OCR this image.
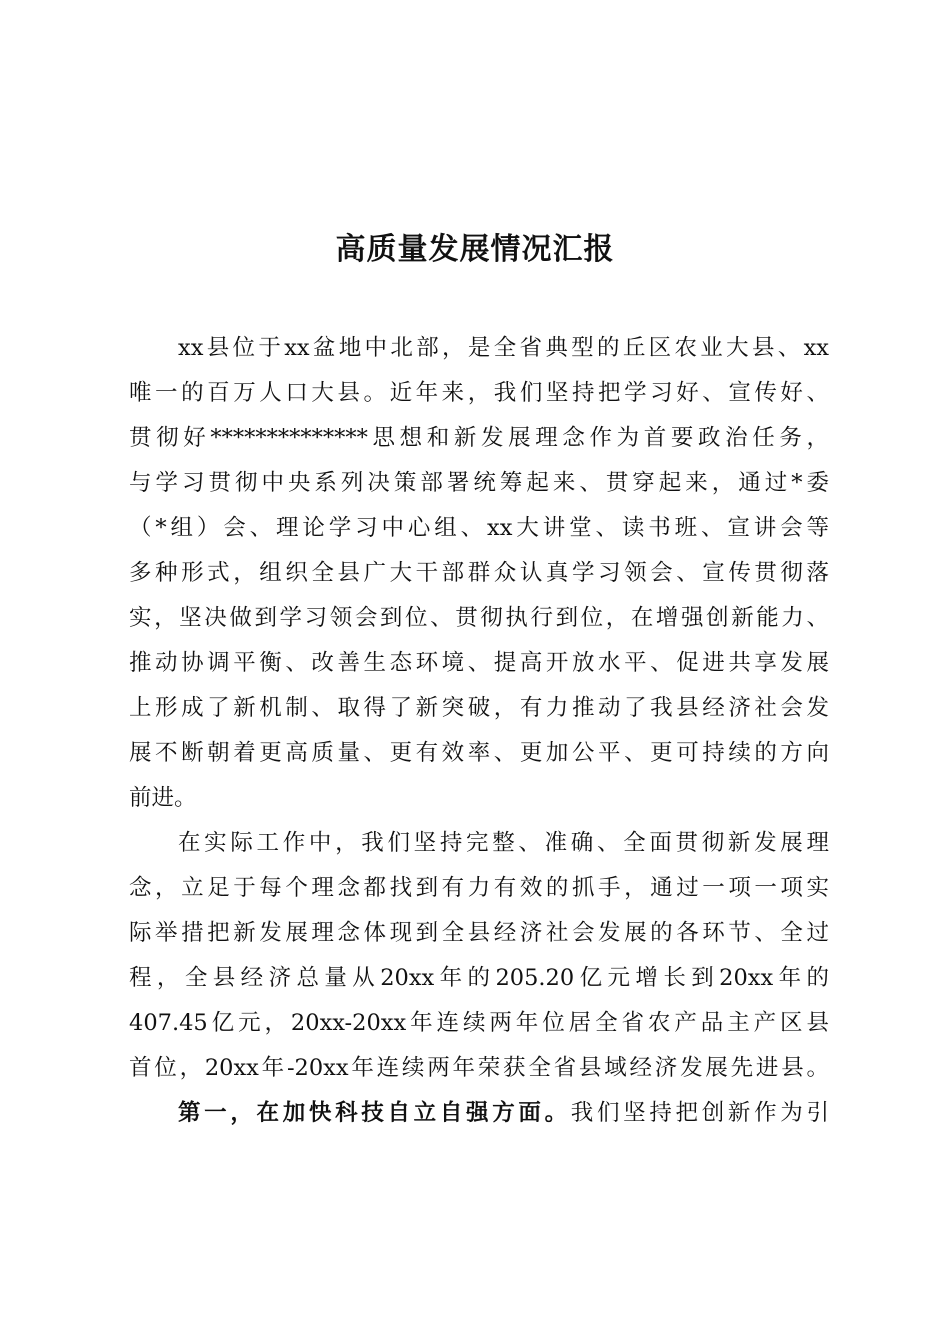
高质量发展情况汇报
xx县位于xx盆地中北部，是全省典型的丘区农业大县、xx
唯一的百万人口大县。近年来，我们坚持把学习好、宣传好、
贯彻好**************思想和新发展理念作为首要政治任务，
与学习贯彻中央系列决策部署统筹起来、贯穿起来，通过*委
（*组）会、理论学习中心组、xx大讲堂、读书班、宣讲会等
多种形式，组织全县广大干部群众认真学习领会、宣传贯彻落
实，坚决做到学习领会到位、贯彻执行到位，在增强创新能力、
推动协调平衡、改善生态环境、提高开放水平、促进共享发展
上形成了新机制、取得了新突破，有力推动了我县经济社会发
展不断朝着更高质量、更有效率、更加公平、更可持续的方向
前进。
在实际工作中，我们坚持完整、准确、全面贯彻新发展理
念，立足于每个理念都找到有力有效的抓手，通过一项一项实
际举措把新发展理念体现到全县经济社会发展的各环节、全过
程，全县经济总量从20xx年的205.20亿元增长到20xx年的
407.45亿元，20xx-20xx年连续两年位居全省农产品主产区县
首位，20xx年-20xx年连续两年荣获全省县域经济发展先进县。
第一，在加快科技自立自强方面。我们坚持把创新作为引
